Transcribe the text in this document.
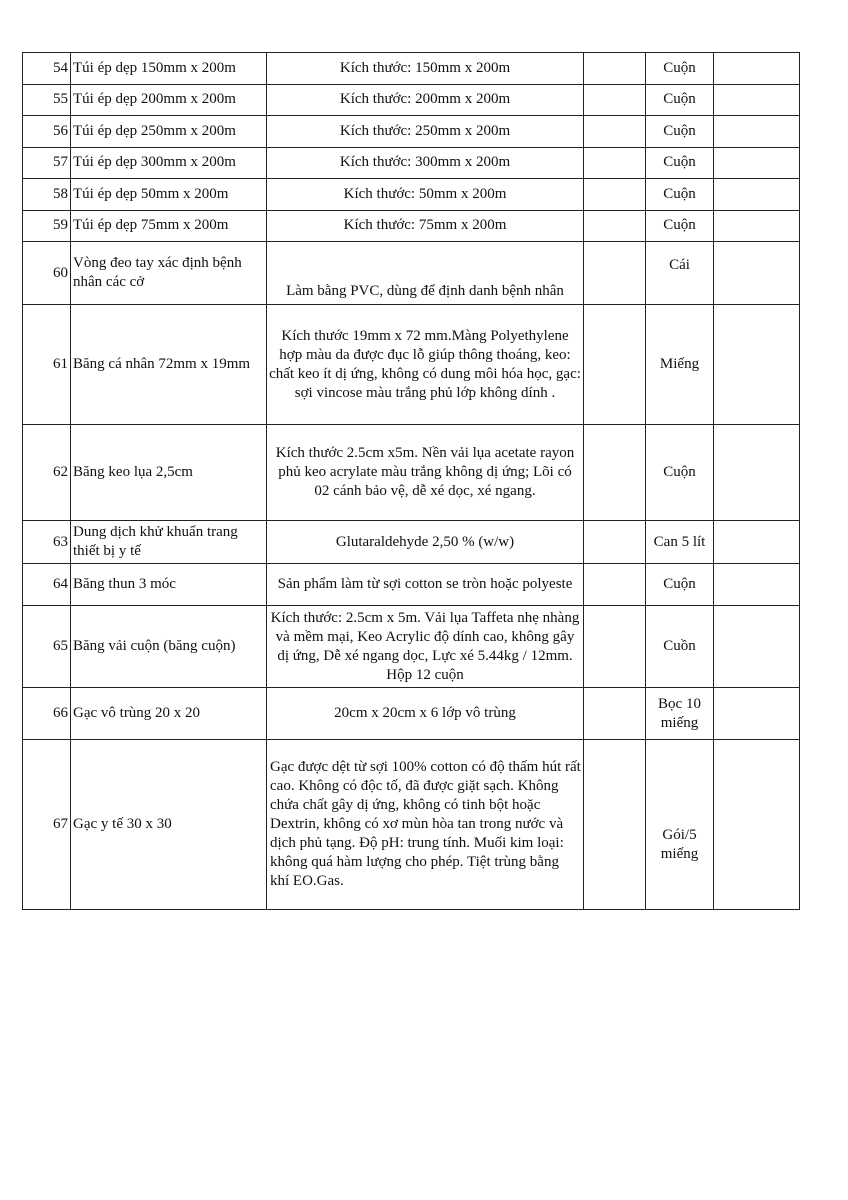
54	Túi ép dẹp 150mm x 200m	Kích thước: 150mm x 200m		Cuộn	
55	Túi ép dẹp 200mm x 200m	Kích thước: 200mm x 200m		Cuộn	
56	Túi ép dẹp 250mm x 200m	Kích thước: 250mm x 200m		Cuộn	
57	Túi ép dẹp 300mm x 200m	Kích thước: 300mm x 200m		Cuộn	
58	Túi ép dẹp 50mm x 200m	Kích thước: 50mm x 200m		Cuộn	
59	Túi ép dẹp 75mm x 200m	Kích thước: 75mm x 200m		Cuộn	
60	Vòng đeo tay xác định bệnh nhân các cở	Làm bằng PVC, dùng để định danh bệnh nhân		Cái	
61	Băng cá nhân 72mm x 19mm	Kích thước 19mm x 72 mm.Màng Polyethylene hợp màu da được đục lỗ giúp thông thoáng, keo: chất keo ít dị ứng, không có dung môi hóa học, gạc: sợi vincose màu trắng phủ lớp không dính .		Miếng	
62	Băng keo lụa 2,5cm	Kích thước 2.5cm x5m. Nền vải lụa acetate rayon phủ keo acrylate màu trắng không dị ứng; Lõi có 02 cánh bảo vệ, dễ xé dọc, xé ngang.		Cuộn	
63	Dung dịch khử khuẩn trang thiết bị y tế	Glutaraldehyde 2,50 % (w/w)		Can 5 lít	
64	Băng thun 3 móc	Sản phẩm làm từ sợi cotton se tròn hoặc polyeste		Cuộn	
65	Băng vải cuộn (băng cuộn)	Kích thước: 2.5cm x 5m. Vải lụa Taffeta nhẹ nhàng và mềm mại, Keo Acrylic độ dính cao, không gây dị ứng, Dễ xé ngang dọc, Lực xé 5.44kg / 12mm. Hộp 12 cuộn		Cuồn	
66	Gạc vô trùng 20 x 20	20cm x 20cm x 6 lớp vô trùng		Bọc 10 miếng	
67	Gạc y tế 30 x 30	Gạc được dệt từ sợi 100% cotton có độ thấm hút rất cao. Không có độc tố, đã được giặt sạch. Không chứa chất gây dị ứng, không có tinh bột hoặc Dextrin, không có xơ mùn hòa tan trong nước và dịch phủ tạng. Độ pH: trung tính. Muối kim loại: không quá hàm lượng cho phép. Tiệt trùng bằng khí EO.Gas.		Gói/5 miếng	
